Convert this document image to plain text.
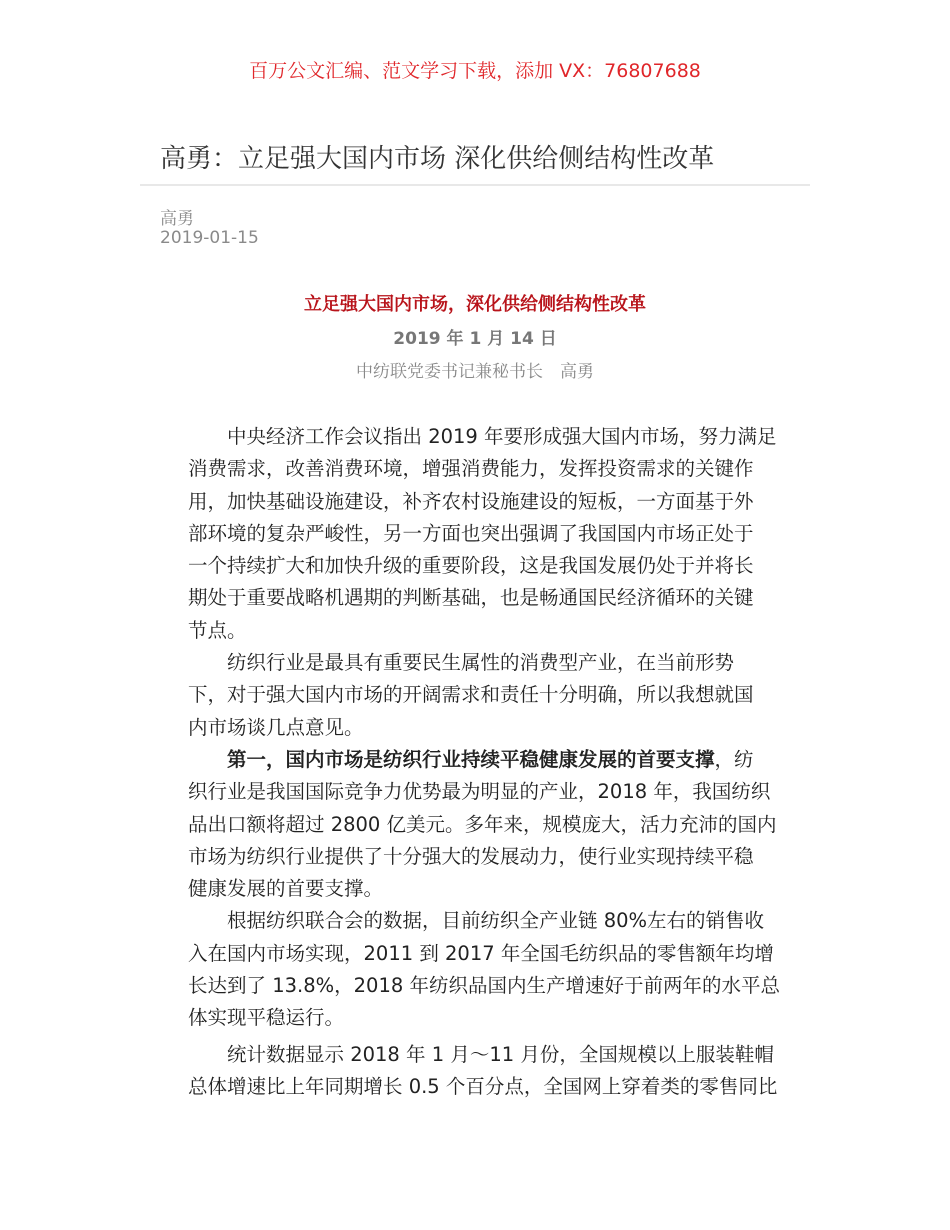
百万公文汇编、范文学习下载，添加 VX：76807688
高勇：立足强大国内市场 深化供给侧结构性改革
高勇
2019-01-15
立足强大国内市场，深化供给侧结构性改革
2019 年 1 月 14 日
中纺联党委书记兼秘书长　高勇
中央经济工作会议指出 2019 年要形成强大国内市场，努力满足
消费需求，改善消费环境，增强消费能力，发挥投资需求的关键作
用，加快基础设施建设，补齐农村设施建设的短板，一方面基于外
部环境的复杂严峻性，另一方面也突出强调了我国国内市场正处于
一个持续扩大和加快升级的重要阶段，这是我国发展仍处于并将长
期处于重要战略机遇期的判断基础，也是畅通国民经济循环的关键
节点。
纺织行业是最具有重要民生属性的消费型产业，在当前形势
下，对于强大国内市场的开阔需求和责任十分明确，所以我想就国
内市场谈几点意见。
第一，国内市场是纺织行业持续平稳健康发展的首要支撑，纺
织行业是我国国际竞争力优势最为明显的产业，2018 年，我国纺织
品出口额将超过 2800 亿美元。多年来，规模庞大，活力充沛的国内
市场为纺织行业提供了十分强大的发展动力，使行业实现持续平稳
健康发展的首要支撑。
根据纺织联合会的数据，目前纺织全产业链 80%左右的销售收
入在国内市场实现，2011 到 2017 年全国毛纺织品的零售额年均增
长达到了 13.8%，2018 年纺织品国内生产增速好于前两年的水平总
体实现平稳运行。
统计数据显示 2018 年 1 月～11 月份，全国规模以上服装鞋帽
总体增速比上年同期增长 0.5 个百分点，全国网上穿着类的零售同比
